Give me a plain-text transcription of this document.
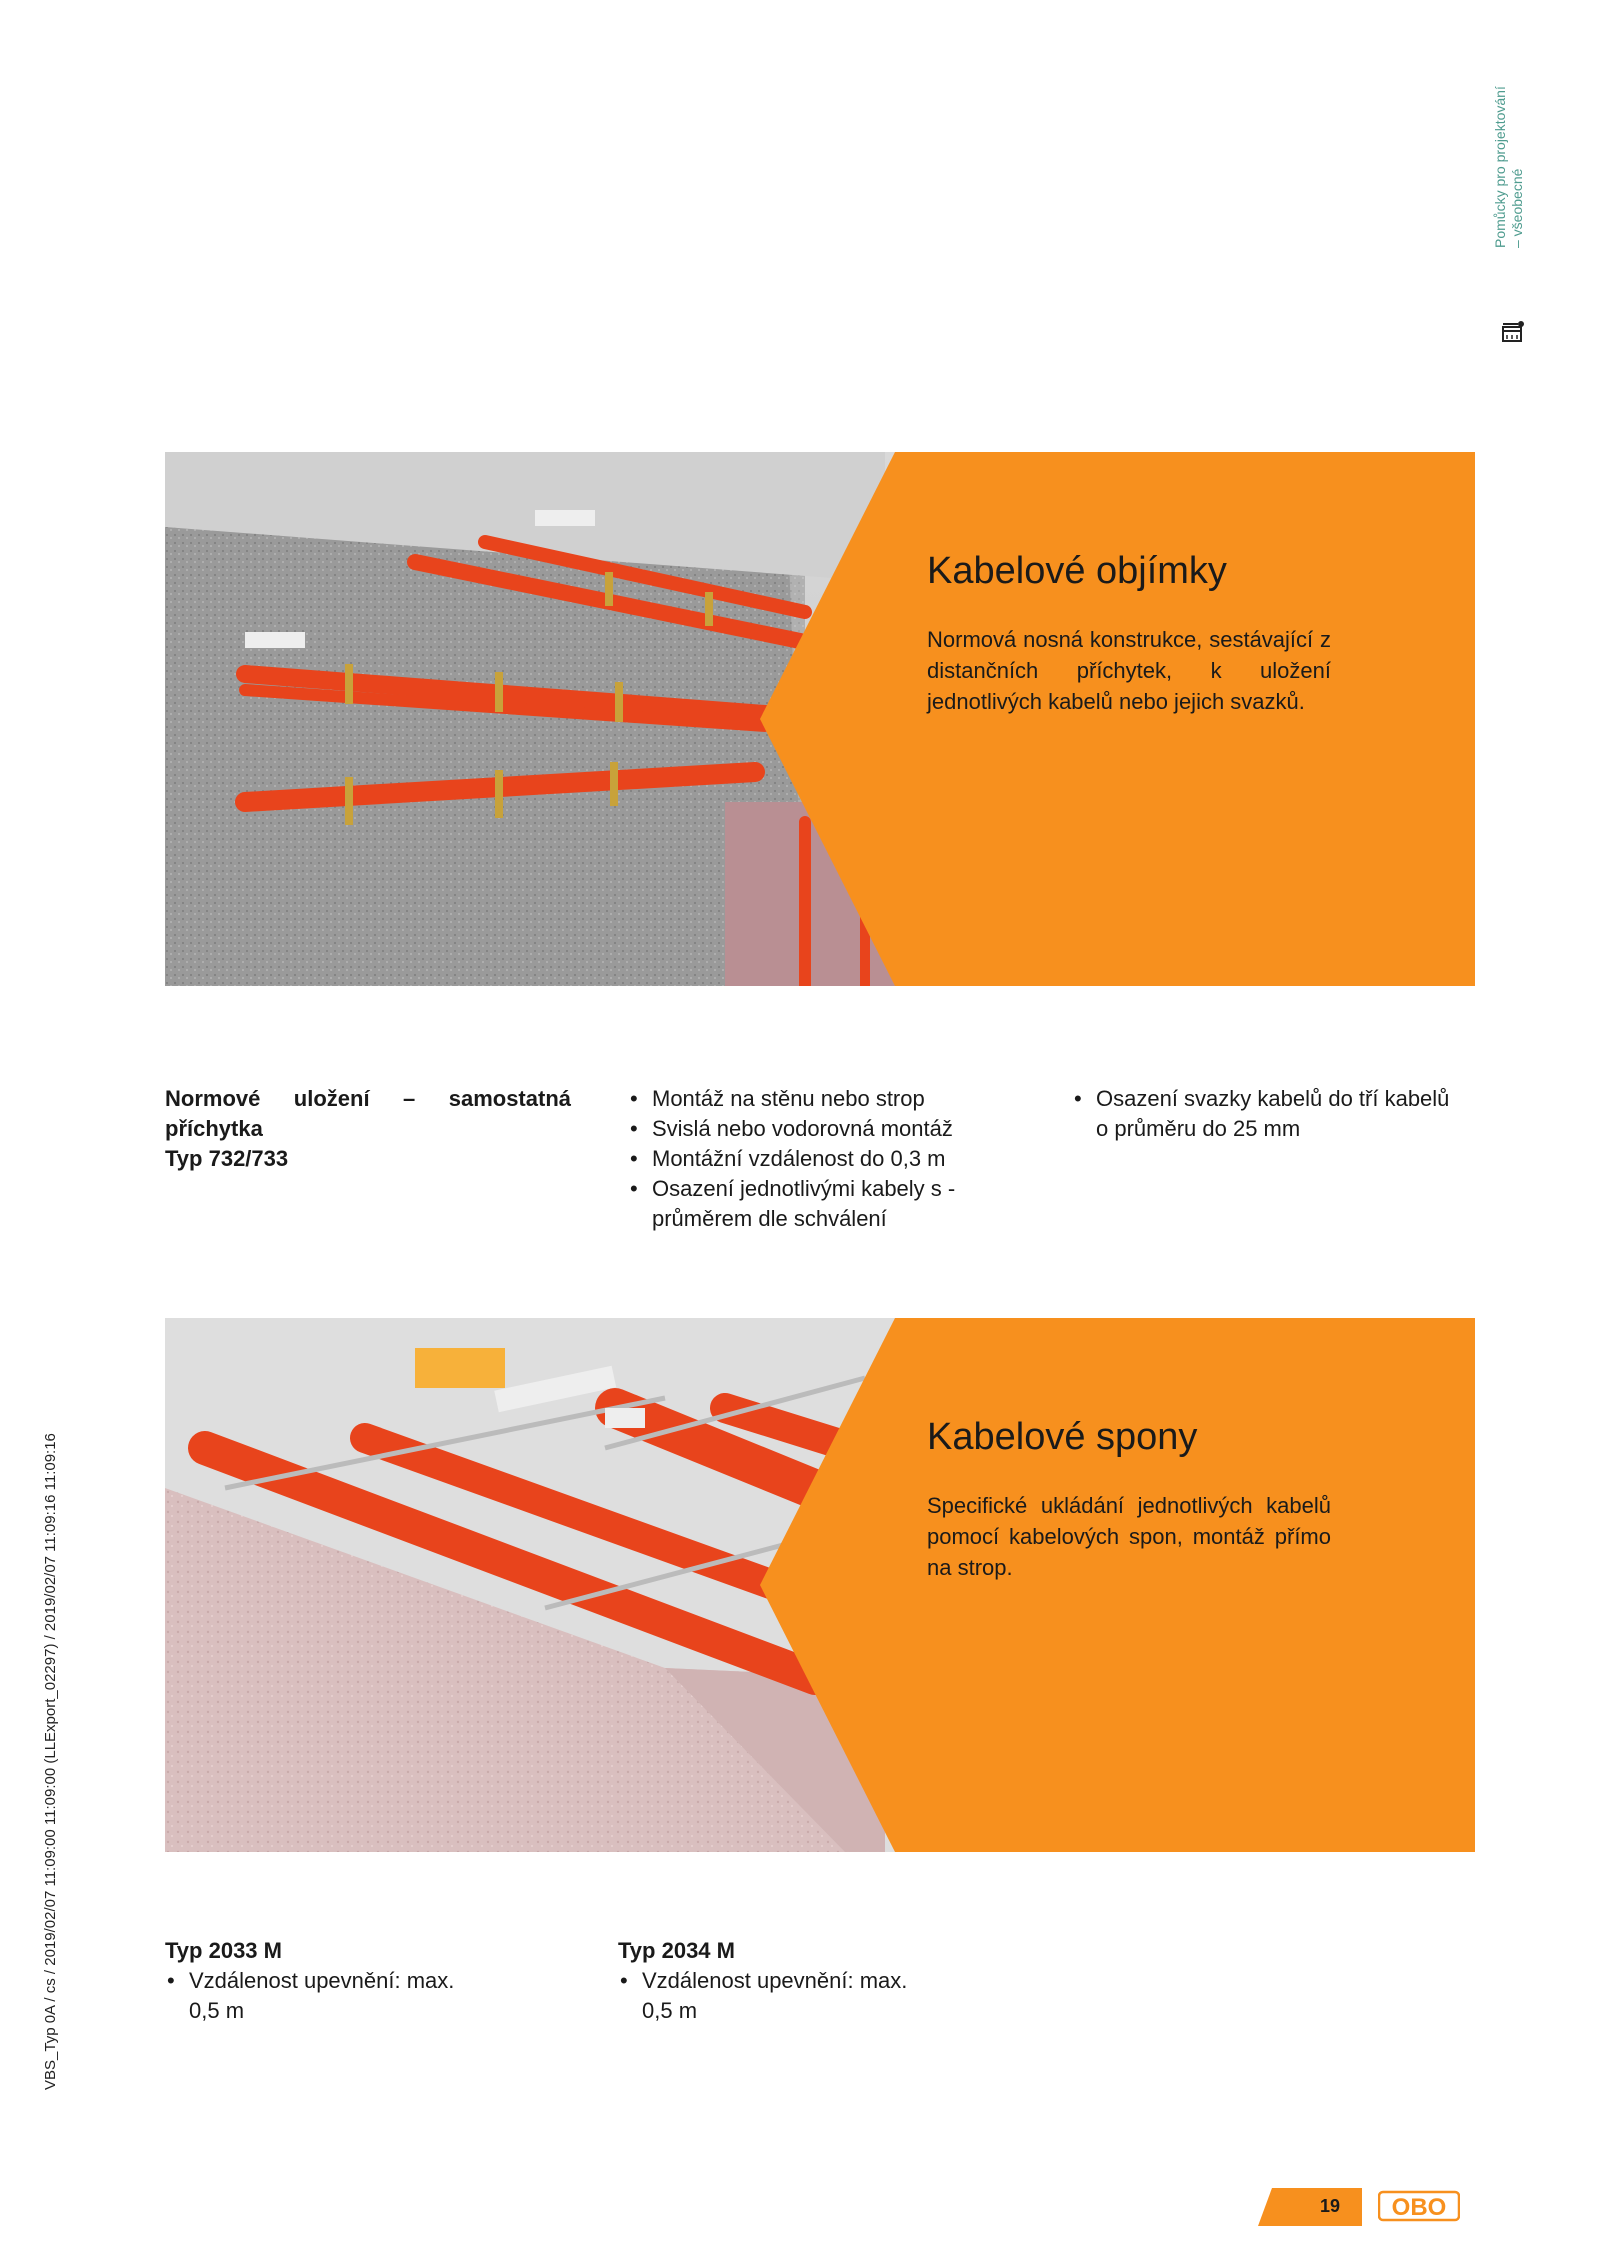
Pomůcky pro projektování – všeobecné
VBS_Typ 0A / cs / 2019/02/07 11:09:00 11:09:00 (LLExport_02297) / 2019/02/07 11:09:16 11:09:16
Kabelové objímky

Normová nosná konstrukce, sestávající z distančních příchytek, k uložení jednotlivých kabelů nebo jejich svazků.

Normové uložení – samostatná příchytka
Typ 732/733
• Montáž na stěnu nebo strop
• Svislá nebo vodorovná montáž
• Montážní vzdálenost do 0,3 m
• Osazení jednotlivými kabely s -průměrem dle schválení
• Osazení svazky kabelů do tří kabelů o průměru do 25 mm
Kabelové spony

Specifické ukládání jednotlivých kabelů pomocí kabelových spon, montáž přímo na strop.

Typ 2033 M
• Vzdálenost upevnění: max. 0,5 m
Typ 2034 M
• Vzdálenost upevnění: max. 0,5 m
19	OBO
